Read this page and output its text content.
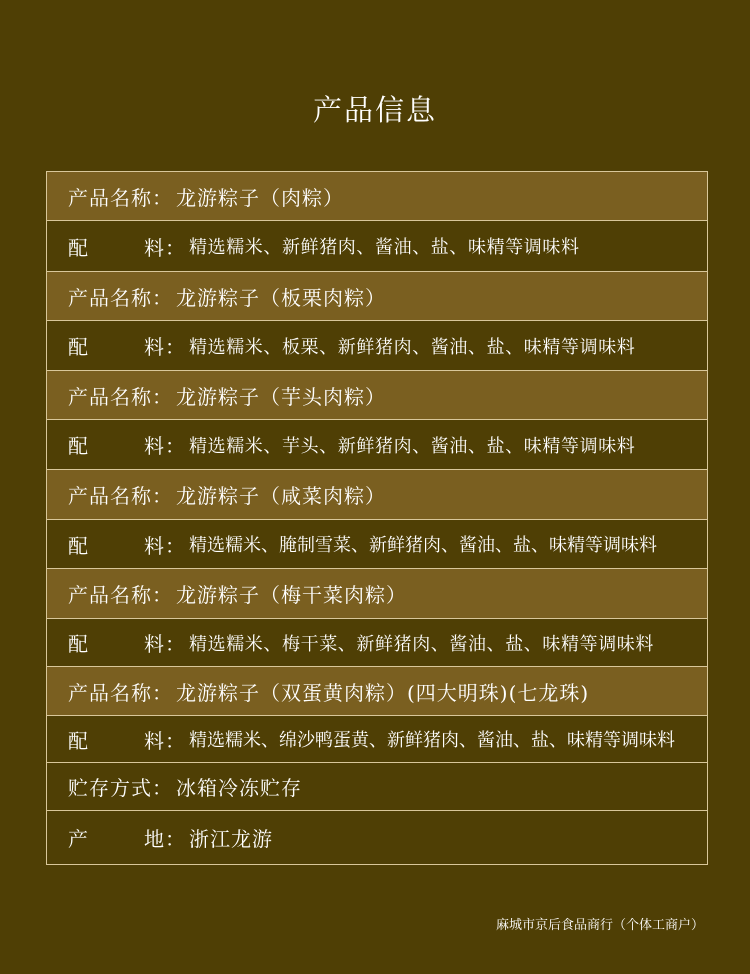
产品信息
产品名称 ： 龙游粽子（肉粽）
配	料 ： 精选糯米、新鲜猪肉、酱油、盐、味精等调味料
产品名称 ： 龙游粽子（板栗肉粽）
配	料 ： 精选糯米、板栗、新鲜猪肉、酱油、盐、味精等调味料
产品名称 ： 龙游粽子（芋头肉粽）
配	料 ： 精选糯米、芋头、新鲜猪肉、酱油、盐、味精等调味料
产品名称 ： 龙游粽子（咸菜肉粽）
配	料 ： 精选糯米、腌制雪菜、新鲜猪肉、酱油、盐、味精等调味料
产品名称 ： 龙游粽子（梅干菜肉粽）
配	料 ： 精选糯米、梅干菜、新鲜猪肉、酱油、盐、味精等调味料
产品名称 ： 龙游粽子（双蛋黄肉粽）(四大明珠)(七龙珠)
配	料 ： 精选糯米、绵沙鸭蛋黄、新鲜猪肉、酱油、盐、味精等调味料
贮存方式 ： 冰箱冷冻贮存
产	地 ： 浙江龙游
麻城市京后食品商行（个体工商户）
